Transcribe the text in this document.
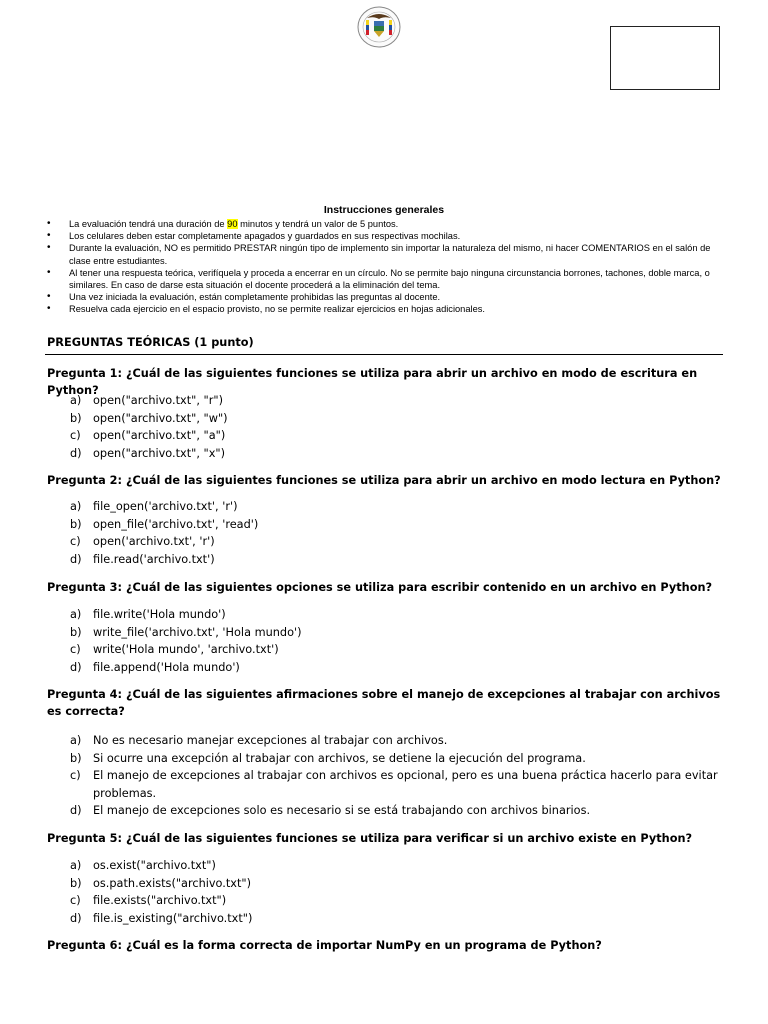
Instrucciones generales
• La evaluación tendrá una duración de 90 minutos y tendrá un valor de 5 puntos.
• Los celulares deben estar completamente apagados y guardados en sus respectivas mochilas.
• Durante la evaluación, NO es permitido PRESTAR ningún tipo de implemento sin importar la naturaleza del mismo, ni hacer COMENTARIOS en el salón de clase entre estudiantes.
• Al tener una respuesta teórica, verifíquela y proceda a encerrar en un círculo. No se permite bajo ninguna circunstancia borrones, tachones, doble marca, o similares. En caso de darse esta situación el docente procederá a la eliminación del tema.
• Una vez iniciada la evaluación, están completamente prohibidas las preguntas al docente.
• Resuelva cada ejercicio en el espacio provisto, no se permite realizar ejercicios en hojas adicionales.
PREGUNTAS TEÓRICAS (1 punto)
Pregunta 1: ¿Cuál de las siguientes funciones se utiliza para abrir un archivo en modo de escritura en Python?
a) open("archivo.txt", "r")
b) open("archivo.txt", "w")
c) open("archivo.txt", "a")
d) open("archivo.txt", "x")
Pregunta 2: ¿Cuál de las siguientes funciones se utiliza para abrir un archivo en modo lectura en Python?
a) file_open('archivo.txt', 'r')
b) open_file('archivo.txt', 'read')
c) open('archivo.txt', 'r')
d) file.read('archivo.txt')
Pregunta 3: ¿Cuál de las siguientes opciones se utiliza para escribir contenido en un archivo en Python?
a) file.write('Hola mundo')
b) write_file('archivo.txt', 'Hola mundo')
c) write('Hola mundo', 'archivo.txt')
d) file.append('Hola mundo')
Pregunta 4: ¿Cuál de las siguientes afirmaciones sobre el manejo de excepciones al trabajar con archivos es correcta?
a) No es necesario manejar excepciones al trabajar con archivos.
b) Si ocurre una excepción al trabajar con archivos, se detiene la ejecución del programa.
c) El manejo de excepciones al trabajar con archivos es opcional, pero es una buena práctica hacerlo para evitar problemas.
d) El manejo de excepciones solo es necesario si se está trabajando con archivos binarios.
Pregunta 5: ¿Cuál de las siguientes funciones se utiliza para verificar si un archivo existe en Python?
a) os.exist("archivo.txt")
b) os.path.exists("archivo.txt")
c) file.exists("archivo.txt")
d) file.is_existing("archivo.txt")
Pregunta 6: ¿Cuál es la forma correcta de importar NumPy en un programa de Python?
